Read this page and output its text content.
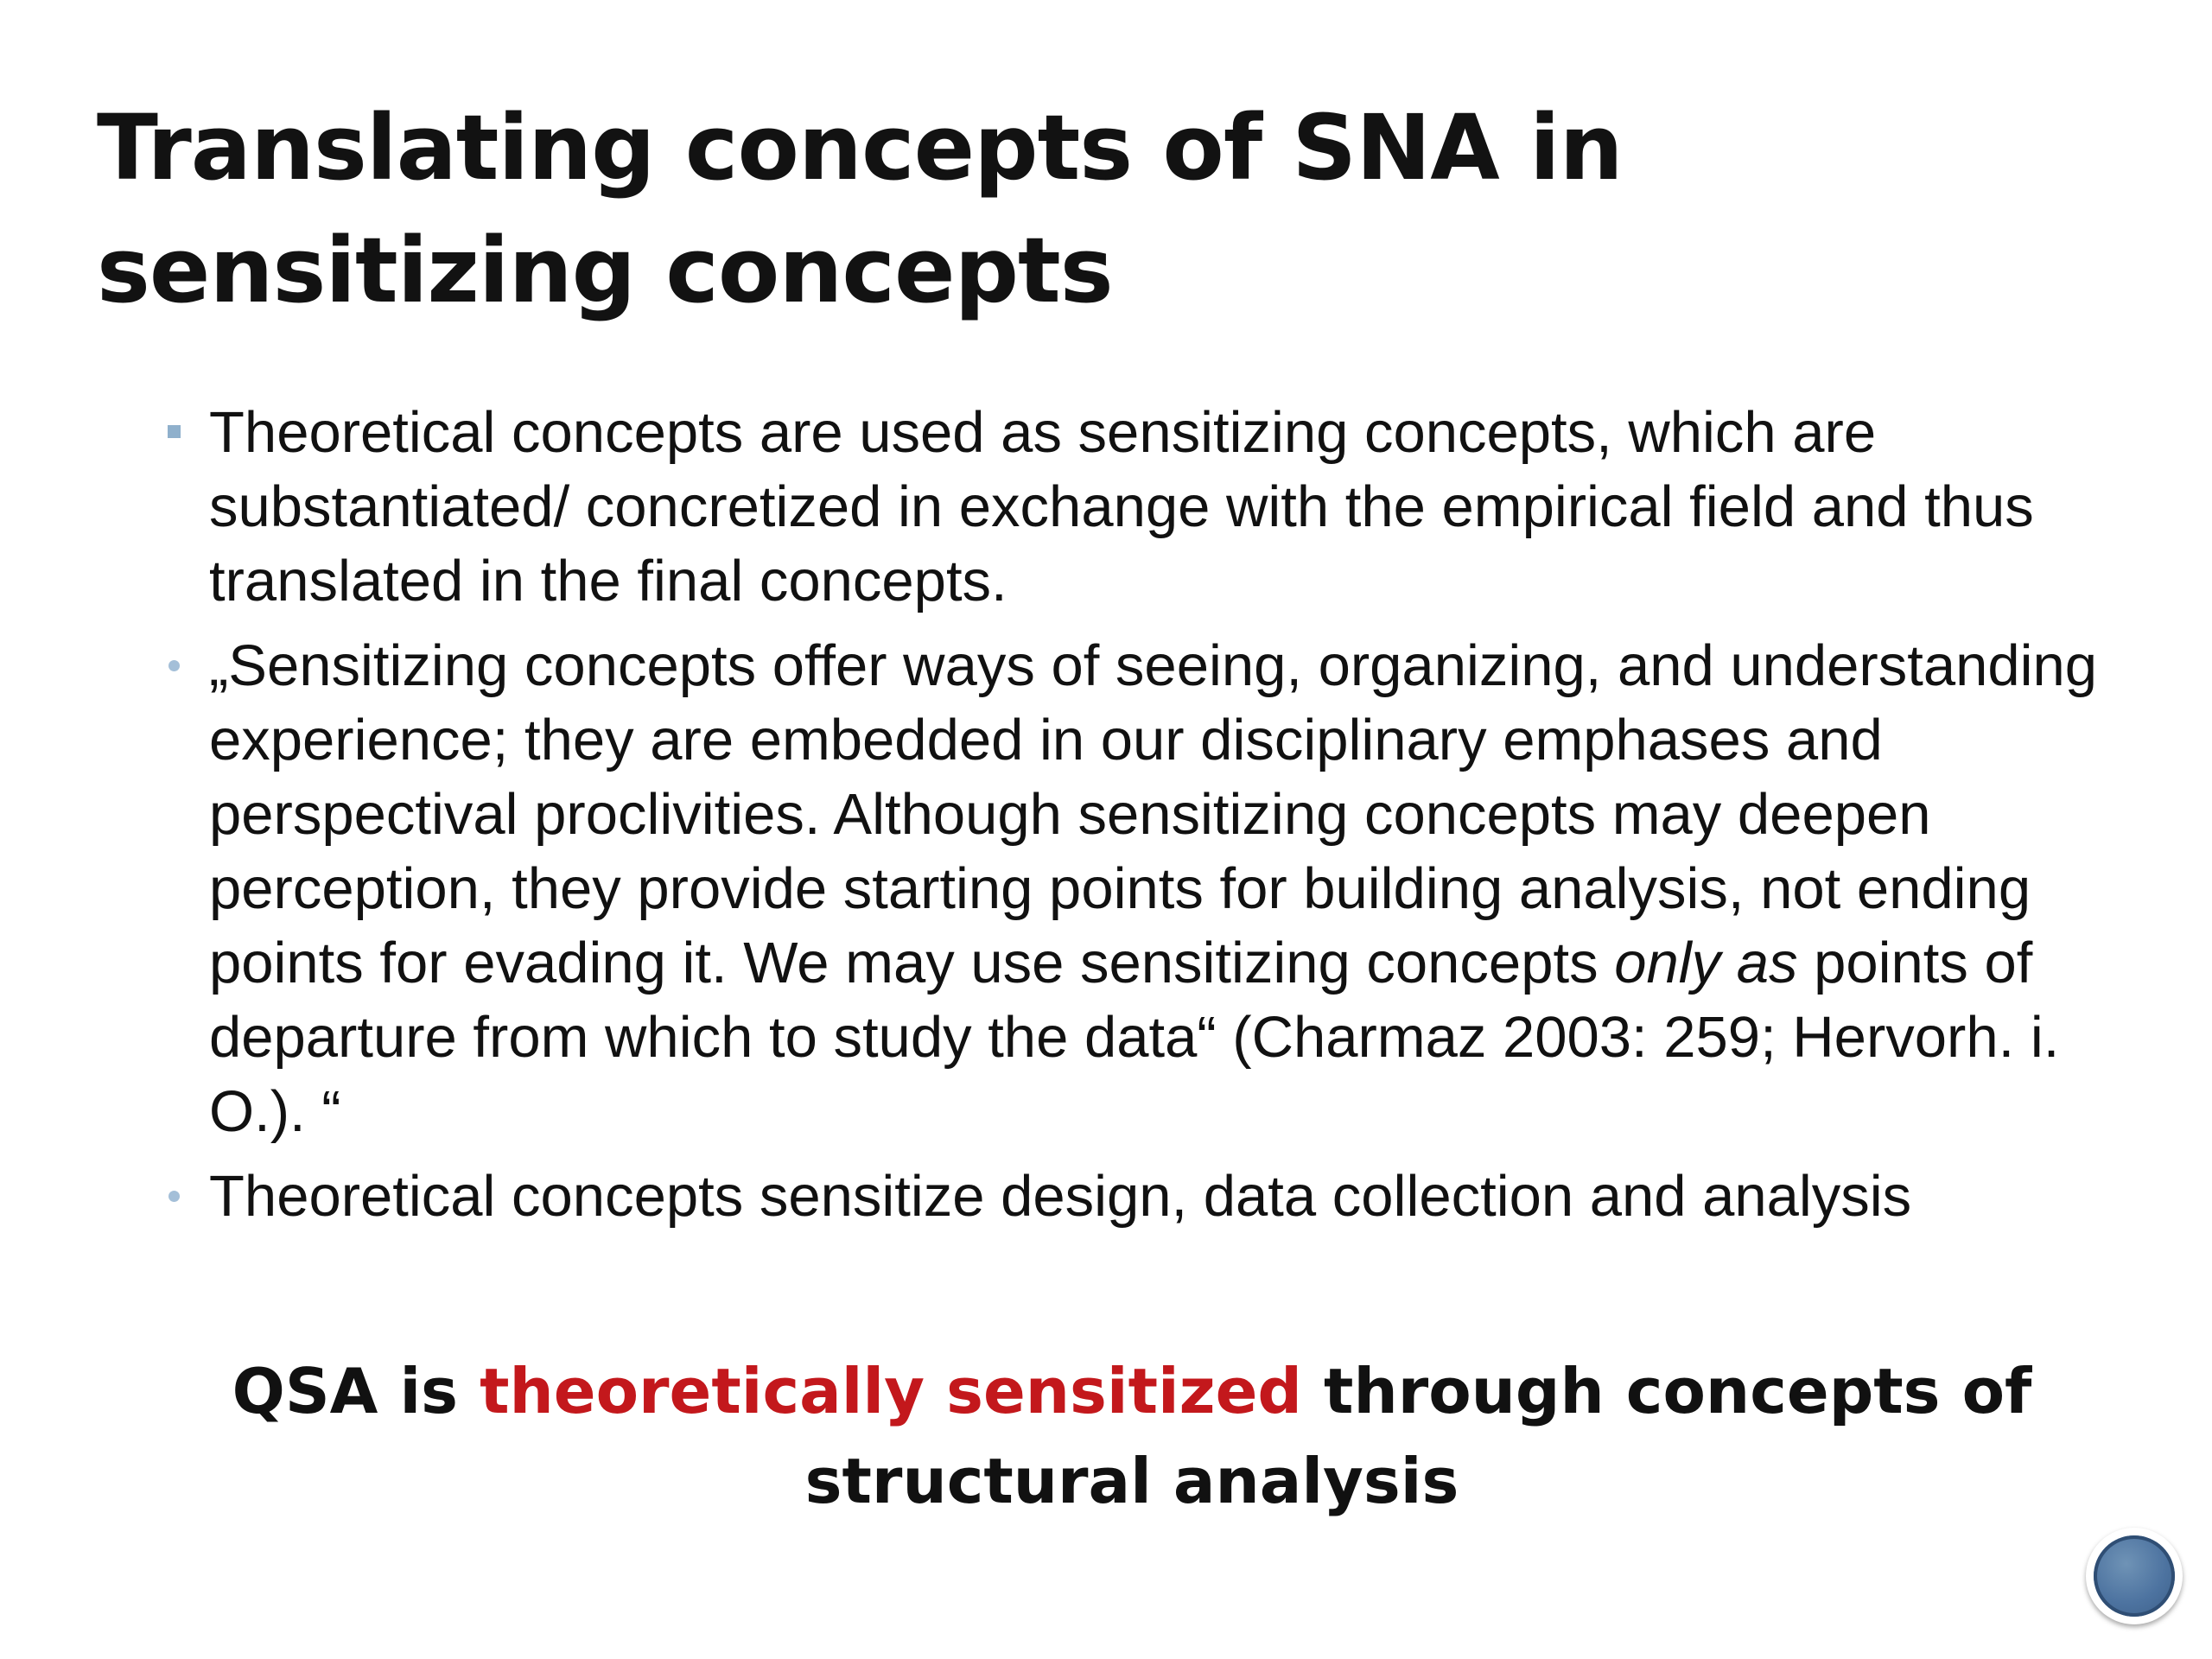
Translating concepts of SNA in sensitizing concepts
Theoretical concepts are used as sensitizing concepts, which are substantiated/ concretized in exchange with the empirical field and thus translated in the final concepts.
„Sensitizing concepts offer ways of seeing, organizing, and understanding experience; they are embedded in our disciplinary emphases and perspectival proclivities. Although sensitizing concepts may deepen perception, they provide starting points for building analysis, not ending points for evading it. We may use sensitizing concepts only as points of departure from which to study the data“ (Charmaz 2003: 259; Hervorh. i. O.). “
Theoretical concepts sensitize design, data collection and analysis

QSA is theoretically sensitized through concepts of structural analysis
